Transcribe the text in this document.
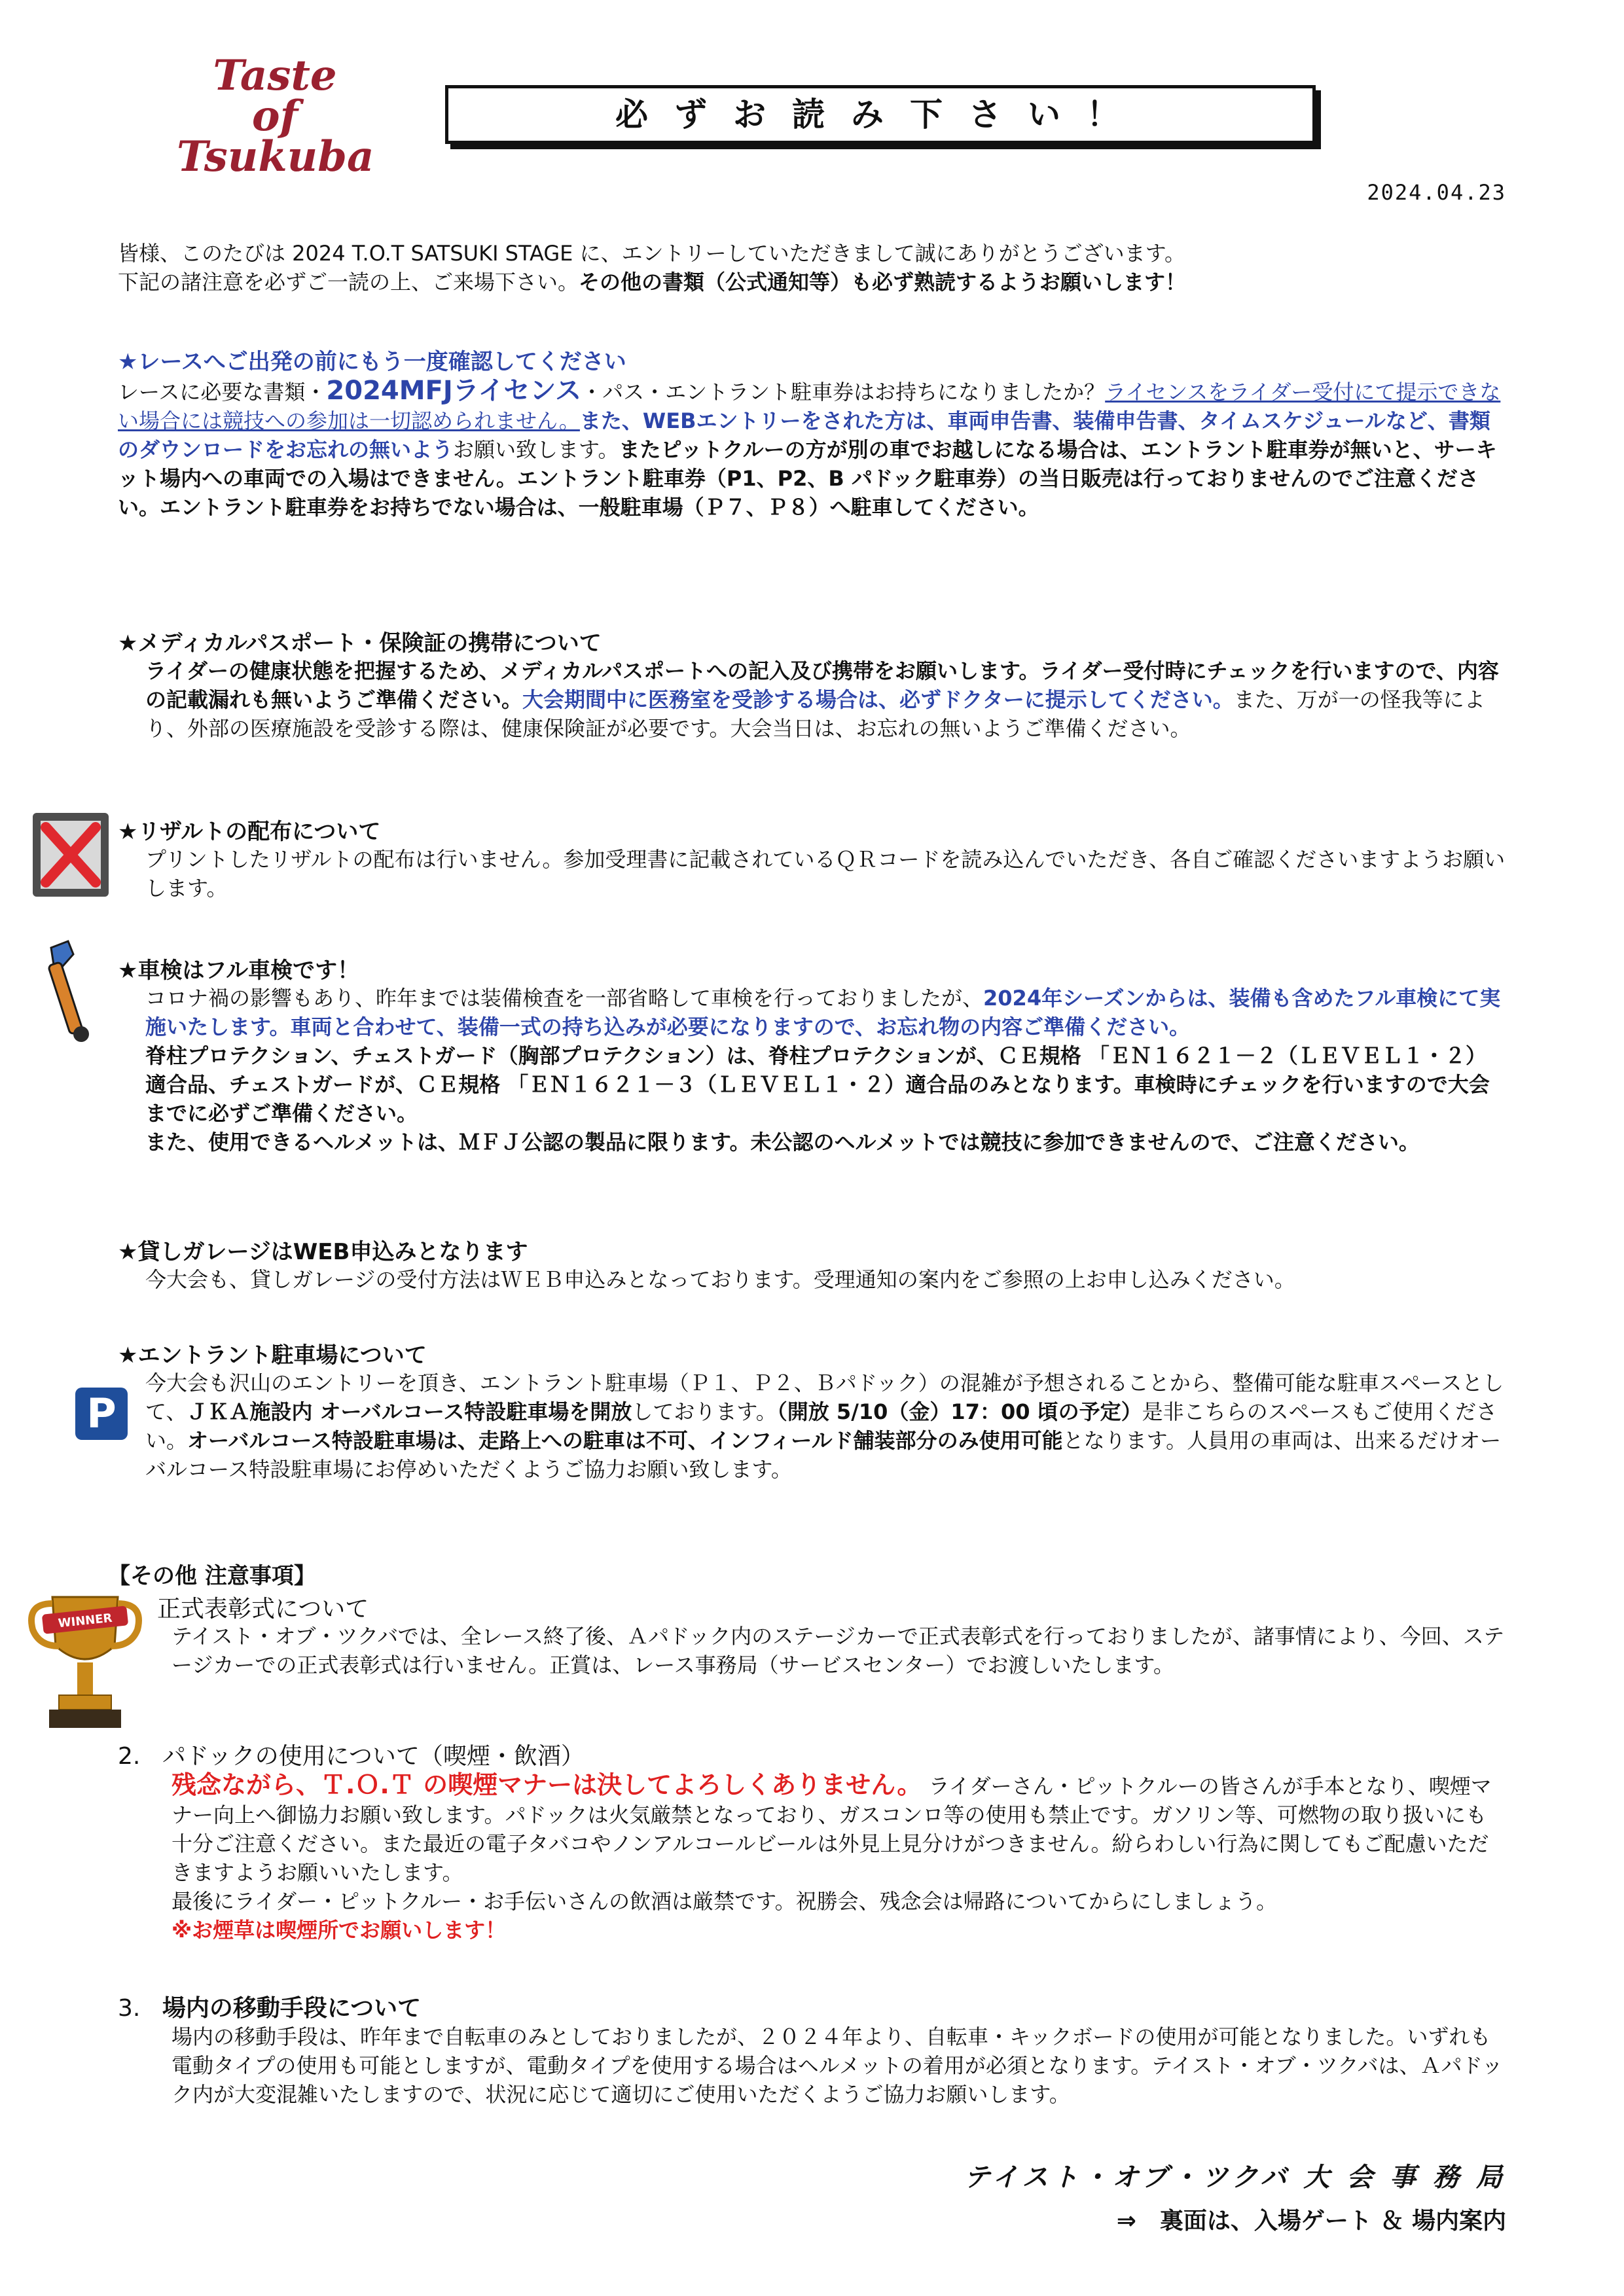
Taste
of
Tsukuba
必ずお読み下さい！
2024.04.23
皆様、このたびは 2024 T.O.T SATSUKI STAGE に、エントリーしていただきまして誠にありがとうございます。
下記の諸注意を必ずご一読の上、ご来場下さい。その他の書類（公式通知等）も必ず熟読するようお願いします！
★レースへご出発の前にもう一度確認してください
レースに必要な書類・2024MFJライセンス・パス・エントラント駐車券はお持ちになりましたか？ライセンスをライダー受付にて提示できない場合には競技への参加は一切認められません。また、WEBエントリーをされた方は、車両申告書、装備申告書、タイムスケジュールなど、書類のダウンロードをお忘れの無いようお願い致します。またピットクルーの方が別の車でお越しになる場合は、エントラント駐車券が無いと、サーキット場内への車両での入場はできません。エントラント駐車券（P1、P2、B パドック駐車券）の当日販売は行っておりませんのでご注意ください。エントラント駐車券をお持ちでない場合は、一般駐車場（Ｐ７、Ｐ８）へ駐車してください。
★メディカルパスポート・保険証の携帯について
ライダーの健康状態を把握するため、メディカルパスポートへの記入及び携帯をお願いします。ライダー受付時にチェックを行いますので、内容の記載漏れも無いようご準備ください。大会期間中に医務室を受診する場合は、必ずドクターに提示してください。また、万が一の怪我等により、外部の医療施設を受診する際は、健康保険証が必要です。大会当日は、お忘れの無いようご準備ください。
★リザルトの配布について
プリントしたリザルトの配布は行いません。参加受理書に記載されているＱＲコードを読み込んでいただき、各自ご確認くださいますようお願いします。
★車検はフル車検です！
コロナ禍の影響もあり、昨年までは装備検査を一部省略して車検を行っておりましたが、2024年シーズンからは、装備も含めたフル車検にて実施いたします。車両と合わせて、装備一式の持ち込みが必要になりますので、お忘れ物の内容ご準備ください。
脊柱プロテクション、チェストガード（胸部プロテクション）は、脊柱プロテクションが、ＣＥ規格 「ＥＮ１６２１－２（ＬＥＶＥＬ１・２）適合品、チェストガードが、ＣＥ規格 「ＥＮ１６２１－３（ＬＥＶＥＬ１・２）適合品のみとなります。車検時にチェックを行いますので大会までに必ずご準備ください。
また、使用できるヘルメットは、ＭＦＪ公認の製品に限ります。未公認のヘルメットでは競技に参加できませんので、ご注意ください。
★貸しガレージはWEB申込みとなります
今大会も、貸しガレージの受付方法はＷＥＢ申込みとなっております。受理通知の案内をご参照の上お申し込みください。
★エントラント駐車場について
P
今大会も沢山のエントリーを頂き、エントラント駐車場（Ｐ１、Ｐ２、Ｂパドック）の混雑が予想されることから、整備可能な駐車スペースとして、ＪＫＡ施設内 オーバルコース特設駐車場を開放しております。（開放 5/10（金）17：00 頃の予定）是非こちらのスペースもご使用ください。オーバルコース特設駐車場は、走路上への駐車は不可、インフィールド舗装部分のみ使用可能となります。人員用の車両は、出来るだけオーバルコース特設駐車場にお停めいただくようご協力お願い致します。
【その他 注意事項】
WINNER 正式表彰式について
テイスト・オブ・ツクバでは、全レース終了後、Ａパドック内のステージカーで正式表彰式を行っておりましたが、諸事情により、今回、ステージカーでの正式表彰式は行いません。正賞は、レース事務局（サービスセンター）でお渡しいたします。
2. パドックの使用について（喫煙・飲酒）
残念ながら、Ｔ.Ｏ.Ｔ の喫煙マナーは決してよろしくありません。 ライダーさん・ピットクルーの皆さんが手本となり、喫煙マナー向上へ御協力お願い致します。パドックは火気厳禁となっており、ガスコンロ等の使用も禁止です。ガソリン等、可燃物の取り扱いにも十分ご注意ください。また最近の電子タバコやノンアルコールビールは外見上見分けがつきません。紛らわしい行為に関してもご配慮いただきますようお願いいたします。
最後にライダー・ピットクルー・お手伝いさんの飲酒は厳禁です。祝勝会、残念会は帰路についてからにしましょう。
※お煙草は喫煙所でお願いします！
3. 場内の移動手段について
場内の移動手段は、昨年まで自転車のみとしておりましたが、２０２４年より、自転車・キックボードの使用が可能となりました。いずれも電動タイプの使用も可能としますが、電動タイプを使用する場合はヘルメットの着用が必須となります。テイスト・オブ・ツクバは、Ａパドック内が大変混雑いたしますので、状況に応じて適切にご使用いただくようご協力お願いします。
テイスト・オブ・ツクバ 大 会 事 務 局
⇒　裏面は、入場ゲート ＆ 場内案内
